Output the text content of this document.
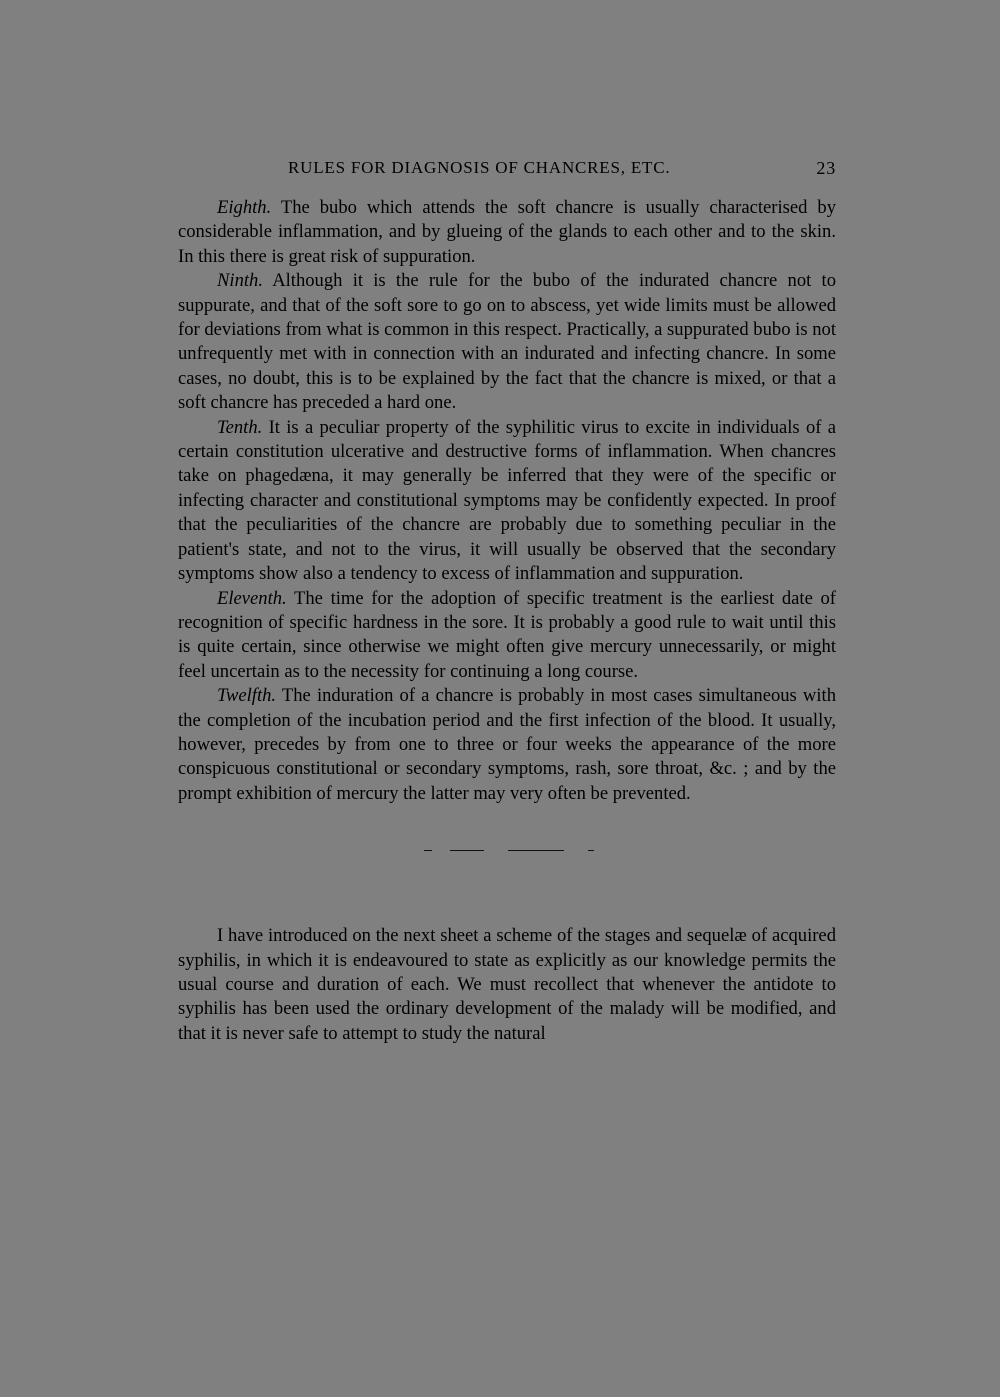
RULES FOR DIAGNOSIS OF CHANCRES, ETC.	23

Eighth. The bubo which attends the soft chancre is usually characterised by considerable inflammation, and by glueing of the glands to each other and to the skin. In this there is great risk of suppuration.

Ninth. Although it is the rule for the bubo of the indurated chancre not to suppurate, and that of the soft sore to go on to abscess, yet wide limits must be allowed for deviations from what is common in this respect. Practically, a suppurated bubo is not unfrequently met with in connection with an indurated and infecting chancre. In some cases, no doubt, this is to be explained by the fact that the chancre is mixed, or that a soft chancre has preceded a hard one.

Tenth. It is a peculiar property of the syphilitic virus to excite in individuals of a certain constitution ulcerative and destructive forms of inflammation. When chancres take on phagedæna, it may generally be inferred that they were of the specific or infecting character and constitutional symptoms may be confidently expected. In proof that the peculiarities of the chancre are probably due to something peculiar in the patient's state, and not to the virus, it will usually be observed that the secondary symptoms show also a tendency to excess of inflammation and suppuration.

Eleventh. The time for the adoption of specific treatment is the earliest date of recognition of specific hardness in the sore. It is probably a good rule to wait until this is quite certain, since otherwise we might often give mercury unnecessarily, or might feel uncertain as to the necessity for continuing a long course.

Twelfth. The induration of a chancre is probably in most cases simultaneous with the completion of the incubation period and the first infection of the blood. It usually, however, precedes by from one to three or four weeks the appearance of the more conspicuous constitutional or secondary symptoms, rash, sore throat, &c. ; and by the prompt exhibition of mercury the latter may very often be prevented.

I have introduced on the next sheet a scheme of the stages and sequelæ of acquired syphilis, in which it is endeavoured to state as explicitly as our knowledge permits the usual course and duration of each. We must recollect that whenever the antidote to syphilis has been used the ordinary development of the malady will be modified, and that it is never safe to attempt to study the natural
